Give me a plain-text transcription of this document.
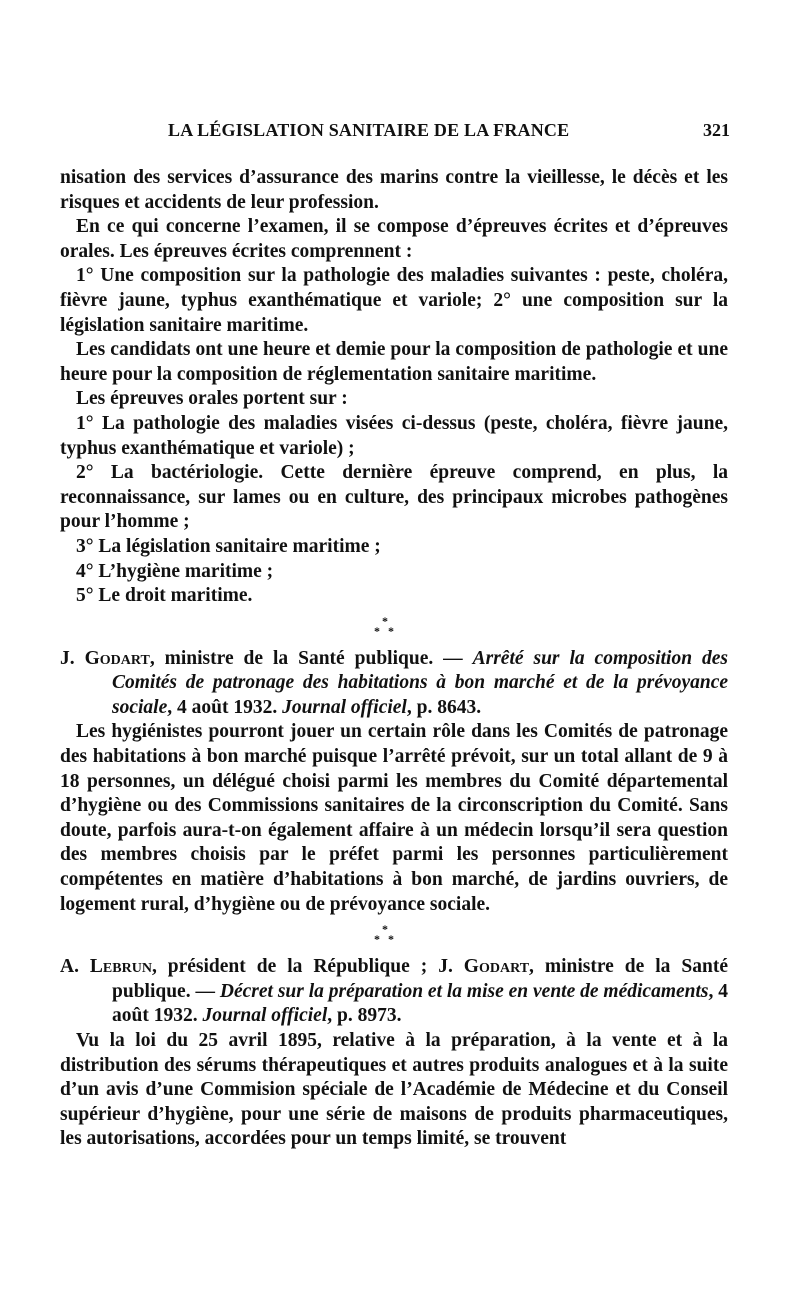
LA LÉGISLATION SANITAIRE DE LA FRANCE	321

nisation des services d’assurance des marins contre la vieillesse, le décès et les risques et accidents de leur profession.

En ce qui concerne l’examen, il se compose d’épreuves écrites et d’épreuves orales. Les épreuves écrites comprennent :

1° Une composition sur la pathologie des maladies suivantes : peste, choléra, fièvre jaune, typhus exanthématique et variole; 2° une composition sur la législation sanitaire maritime.

Les candidats ont une heure et demie pour la composition de pathologie et une heure pour la composition de réglementation sanitaire maritime.

Les épreuves orales portent sur :

1° La pathologie des maladies visées ci-dessus (peste, choléra, fièvre jaune, typhus exanthématique et variole) ;

2° La bactériologie. Cette dernière épreuve comprend, en plus, la reconnaissance, sur lames ou en culture, des principaux microbes pathogènes pour l’homme ;

3° La législation sanitaire maritime ;

4° L’hygiène maritime ;

5° Le droit maritime.

*
**

J. Godart, ministre de la Santé publique. — Arrêté sur la composition des Comités de patronage des habitations à bon marché et de la prévoyance sociale, 4 août 1932. Journal officiel, p. 8643.

Les hygiénistes pourront jouer un certain rôle dans les Comités de patronage des habitations à bon marché puisque l’arrêté prévoit, sur un total allant de 9 à 18 personnes, un délégué choisi parmi les membres du Comité départemental d’hygiène ou des Commissions sanitaires de la circonscription du Comité. Sans doute, parfois aura-t-on également affaire à un médecin lorsqu’il sera question des membres choisis par le préfet parmi les personnes particulièrement compétentes en matière d’habitations à bon marché, de jardins ouvriers, de logement rural, d’hygiène ou de prévoyance sociale.

*
**

A. Lebrun, président de la République ; J. Godart, ministre de la Santé publique. — Décret sur la préparation et la mise en vente de médicaments, 4 août 1932. Journal officiel, p. 8973.

Vu la loi du 25 avril 1895, relative à la préparation, à la vente et à la distribution des sérums thérapeutiques et autres produits analogues et à la suite d’un avis d’une Commision spéciale de l’Académie de Médecine et du Conseil supérieur d’hygiène, pour une série de maisons de produits pharmaceutiques, les autorisations, accordées pour un temps limité, se trouvent
